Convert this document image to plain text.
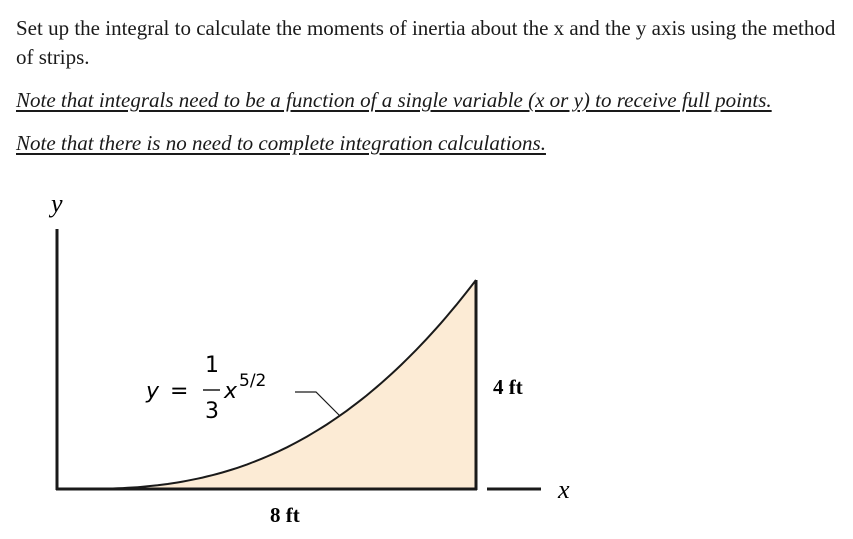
Set up the integral to calculate the moments of inertia about the x and the y axis using the method of strips.
Note that integrals need to be a function of a single variable (x or y) to receive full points.
Note that there is no need to complete integration calculations.
y
x
y =
1
3
x 5/2	4 ft
8 ft
